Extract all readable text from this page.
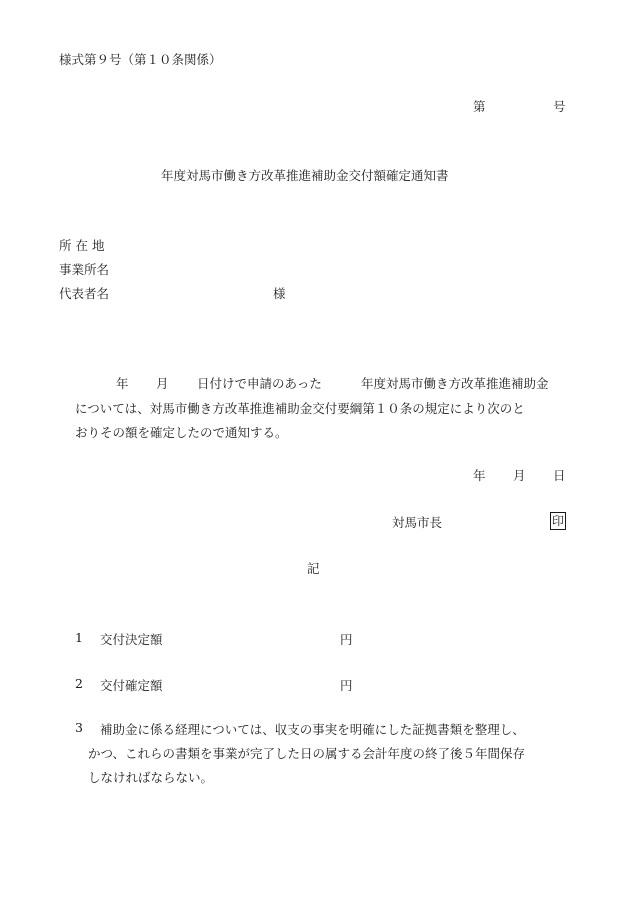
様式第９号（第１０条関係）
第	号
年度対馬市働き方改革推進補助金交付額確定通知書
所 在 地
事業所名
代表者名	様
年 月 日付けで申請のあった	年度対馬市働き方改革推進補助金
については、対馬市働き方改革推進補助金交付要綱第１０条の規定により次のと
おりその額を確定したので通知する。
年 月 日
対馬市長	印
記
1 交付決定額	円
2 交付確定額	円
3 補助金に係る経理については、収支の事実を明確にした証拠書類を整理し、
かつ、これらの書類を事業が完了した日の属する会計年度の終了後５年間保存
しなければならない。
